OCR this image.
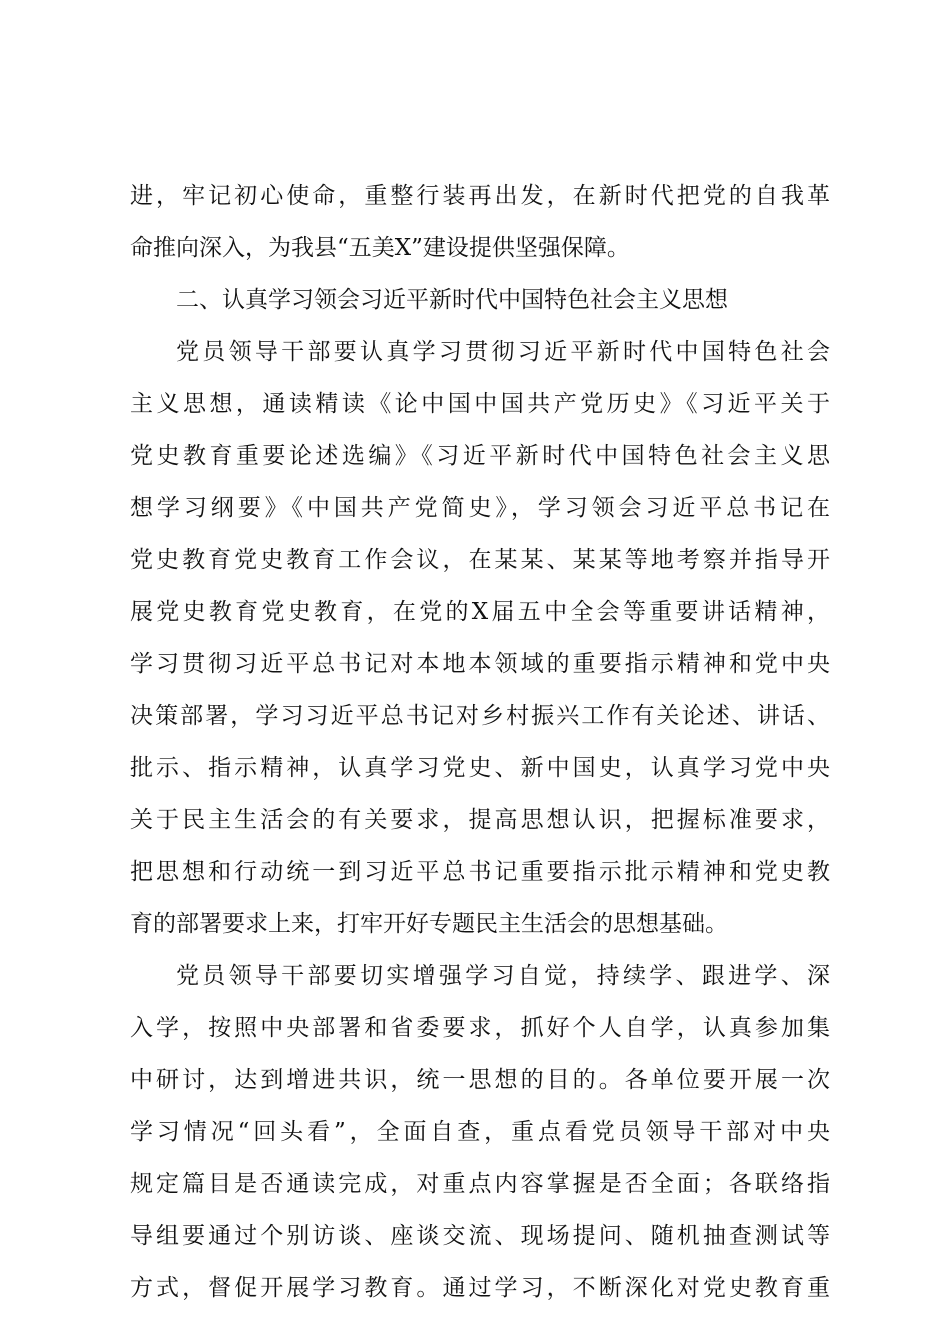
进，牢记初心使命，重整行装再出发，在新时代把党的自我革
命推向深入，为我县“五美X”建设提供坚强保障。
二、认真学习领会习近平新时代中国特色社会主义思想
党员领导干部要认真学习贯彻习近平新时代中国特色社会
主义思想，通读精读《论中国中国共产党历史》《习近平关于
党史教育重要论述选编》《习近平新时代中国特色社会主义思
想学习纲要》《中国共产党简史》，学习领会习近平总书记在
党史教育党史教育工作会议，在某某、某某等地考察并指导开
展党史教育党史教育，在党的X届五中全会等重要讲话精神，
学习贯彻习近平总书记对本地本领域的重要指示精神和党中央
决策部署，学习习近平总书记对乡村振兴工作有关论述、讲话、
批示、指示精神，认真学习党史、新中国史，认真学习党中央
关于民主生活会的有关要求，提高思想认识，把握标准要求，
把思想和行动统一到习近平总书记重要指示批示精神和党史教
育的部署要求上来，打牢开好专题民主生活会的思想基础。
党员领导干部要切实增强学习自觉，持续学、跟进学、深
入学，按照中央部署和省委要求，抓好个人自学，认真参加集
中研讨，达到增进共识，统一思想的目的。各单位要开展一次
学习情况“回头看”，全面自查，重点看党员领导干部对中央
规定篇目是否通读完成，对重点内容掌握是否全面；各联络指
导组要通过个别访谈、座谈交流、现场提问、随机抽查测试等
方式，督促开展学习教育。通过学习，不断深化对党史教育重
